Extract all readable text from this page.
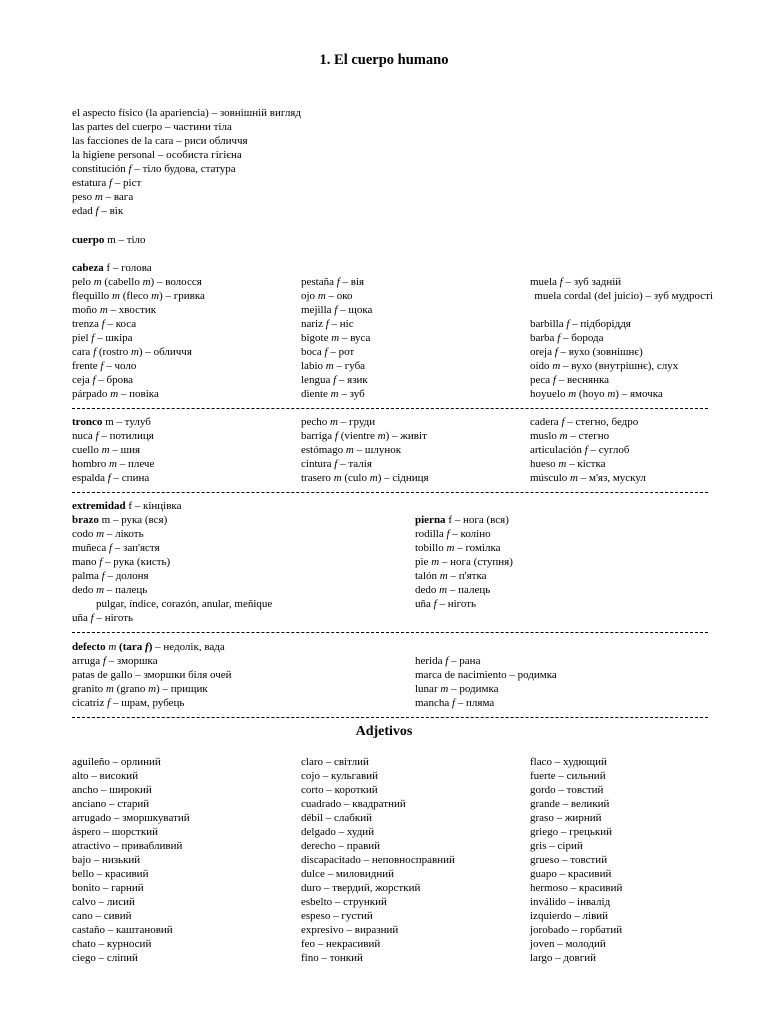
1. El cuerpo humano
el aspecto físico (la apariencia) – зовнішній вигляд
las partes del cuerpo – частини тіла
las facciones de la cara – риси обличчя
la higiene personal – особиста гігієна
constitución f – тіло будова, статура
estatura f – ріст
peso m – вага
edad f – вік
cuerpo m – тіло
cabeza f – голова
pelo m (cabello m) – волосся
flequillo m (fleco m) – гривка
moño m – хвостик
trenza f – коса
piel f – шкіра
cara f (rostro m) – обличчя
frente f – чоло
ceja f – брова
párpado m – повіка
pestaña f – вія
ojo m – око
mejilla f – щока
nariz f – ніс
bigote m – вуса
boca f – рот
labio m – губа
lengua f – язик
diente m – зуб
muela f – зуб задній
muela cordal (del juicio) – зуб мудрості
barbilla f – підборіддя
barba f – борода
oreja f – вухо (зовнішнє)
oído m – вухо (внутрішнє), слух
peca f – веснянка
hoyuelo m (hoyo m) – ямочка
tronco m – тулуб
nuca f – потилиця
cuello m – шия
hombro m – плече
espalda f – спина
pecho m – груди
barriga f (vientre m) – живіт
estómago m – шлунок
cintura f – талія
trasero m (culo m) – сідниця
cadera f – стегно, бедро
muslo m – стегно
articulación f – суглоб
hueso m – кістка
músculo m – м'яз, мускул
extremidad f – кінцівка
brazo m – рука (вся)
codo m – лікоть
muñeca f – зап'ястя
mano f – рука (кисть)
palma f – долоня
dedo m – палець
pulgar, índice, corazón, anular, meñique
uña f – ніготь
pierna f – нога (вся)
rodilla f – коліно
tobillo m – гомілка
pie m – нога (ступня)
talón m – п'ятка
dedo m – палець
uña f – ніготь
defecto m (tara f) – недолік, вада
arruga f – зморшка
patas de gallo – зморшки біля очей
granito m (grano m) – прищик
cicatriz f – шрам, рубець
herida f – рана
marca de nacimiento – родимка
lunar m – родимка
mancha f – пляма
Adjetivos
aguileño – орлиний
alto – високий
ancho – широкий
anciano – старий
arrugado – зморшкуватий
áspero – шорсткий
atractivo – привабливий
bajo – низький
bello – красивий
bonito – гарний
calvo – лисий
cano – сивий
castaño – каштановий
chato – курносий
ciego – сліпий
claro – світлий
cojo – кульгавий
corto – короткий
cuadrado – квадратний
débil – слабкий
delgado – худий
derecho – правий
discapacitado – неповносправний
dulce – миловидний
duro – твердий, жорсткий
esbelto – стрункий
espeso – густий
expresivo – виразний
feo – некрасивий
fino – тонкий
flaco – худющий
fuerte – сильний
gordo – товстий
grande – великий
graso – жирний
griego – грецький
gris – сірий
grueso – товстий
guapo – красивий
hermoso – красивий
inválido – інвалід
izquierdo – лівий
jorobado – горбатий
joven – молодий
largo – довгий
